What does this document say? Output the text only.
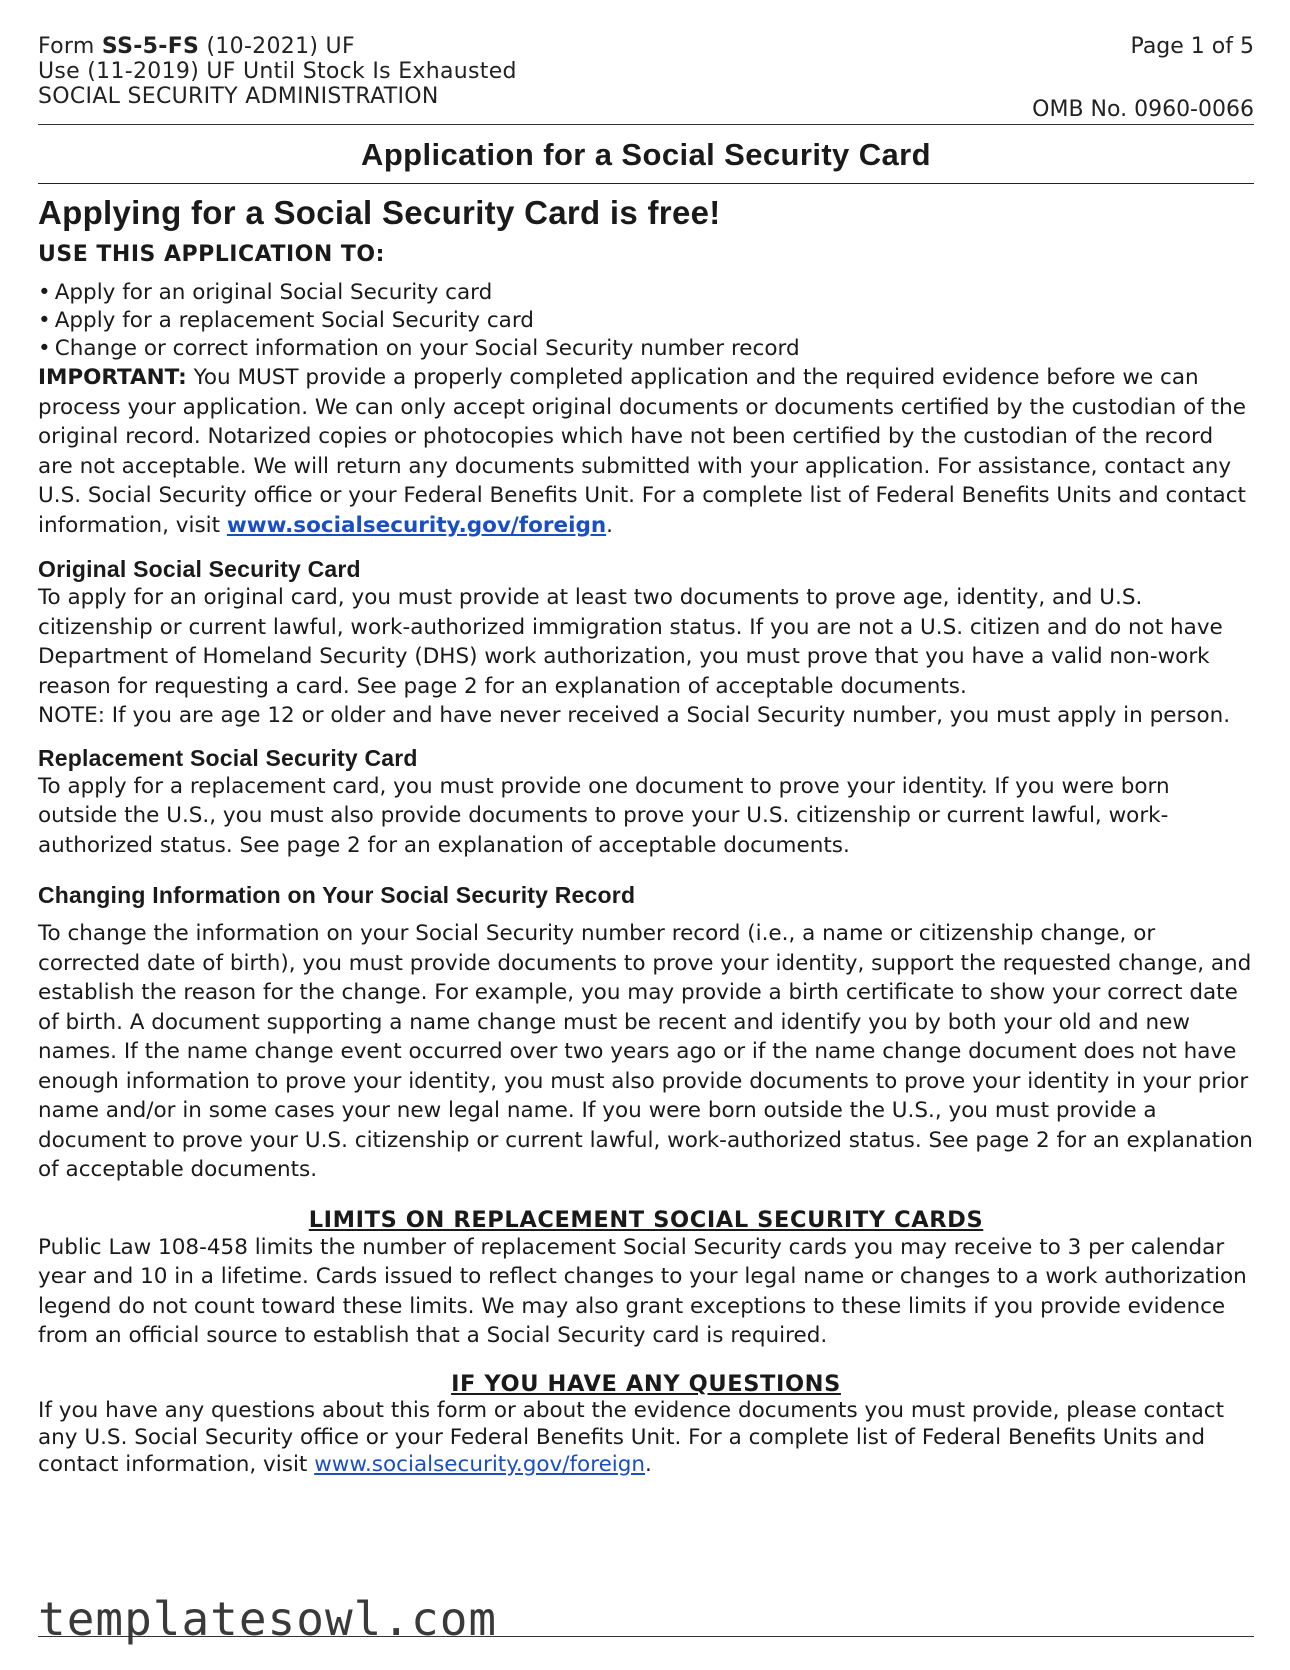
Form SS-5-FS (10-2021) UF
Use (11-2019) UF Until Stock Is Exhausted
SOCIAL SECURITY ADMINISTRATION
Page 1 of 5
OMB No. 0960-0066
Application for a Social Security Card
Applying for a Social Security Card is free!
USE THIS APPLICATION TO:
• Apply for an original Social Security card
• Apply for a replacement Social Security card
• Change or correct information on your Social Security number record

IMPORTANT: You MUST provide a properly completed application and the required evidence before we can process your application. We can only accept original documents or documents certified by the custodian of the original record. Notarized copies or photocopies which have not been certified by the custodian of the record are not acceptable. We will return any documents submitted with your application. For assistance, contact any U.S. Social Security office or your Federal Benefits Unit. For a complete list of Federal Benefits Units and contact information, visit www.socialsecurity.gov/foreign.

Original Social Security Card

To apply for an original card, you must provide at least two documents to prove age, identity, and U.S. citizenship or current lawful, work-authorized immigration status. If you are not a U.S. citizen and do not have Department of Homeland Security (DHS) work authorization, you must prove that you have a valid non-work reason for requesting a card. See page 2 for an explanation of acceptable documents.

NOTE: If you are age 12 or older and have never received a Social Security number, you must apply in person.

Replacement Social Security Card

To apply for a replacement card, you must provide one document to prove your identity. If you were born outside the U.S., you must also provide documents to prove your U.S. citizenship or current lawful, work-authorized status. See page 2 for an explanation of acceptable documents.

Changing Information on Your Social Security Record

To change the information on your Social Security number record (i.e., a name or citizenship change, or corrected date of birth), you must provide documents to prove your identity, support the requested change, and establish the reason for the change. For example, you may provide a birth certificate to show your correct date of birth. A document supporting a name change must be recent and identify you by both your old and new names. If the name change event occurred over two years ago or if the name change document does not have enough information to prove your identity, you must also provide documents to prove your identity in your prior name and/or in some cases your new legal name. If you were born outside the U.S., you must provide a document to prove your U.S. citizenship or current lawful, work-authorized status. See page 2 for an explanation of acceptable documents.

LIMITS ON REPLACEMENT SOCIAL SECURITY CARDS

Public Law 108-458 limits the number of replacement Social Security cards you may receive to 3 per calendar year and 10 in a lifetime. Cards issued to reflect changes to your legal name or changes to a work authorization legend do not count toward these limits. We may also grant exceptions to these limits if you provide evidence from an official source to establish that a Social Security card is required.

IF YOU HAVE ANY QUESTIONS

If you have any questions about this form or about the evidence documents you must provide, please contact any U.S. Social Security office or your Federal Benefits Unit. For a complete list of Federal Benefits Units and contact information, visit www.socialsecurity.gov/foreign.

templatesowl.com
